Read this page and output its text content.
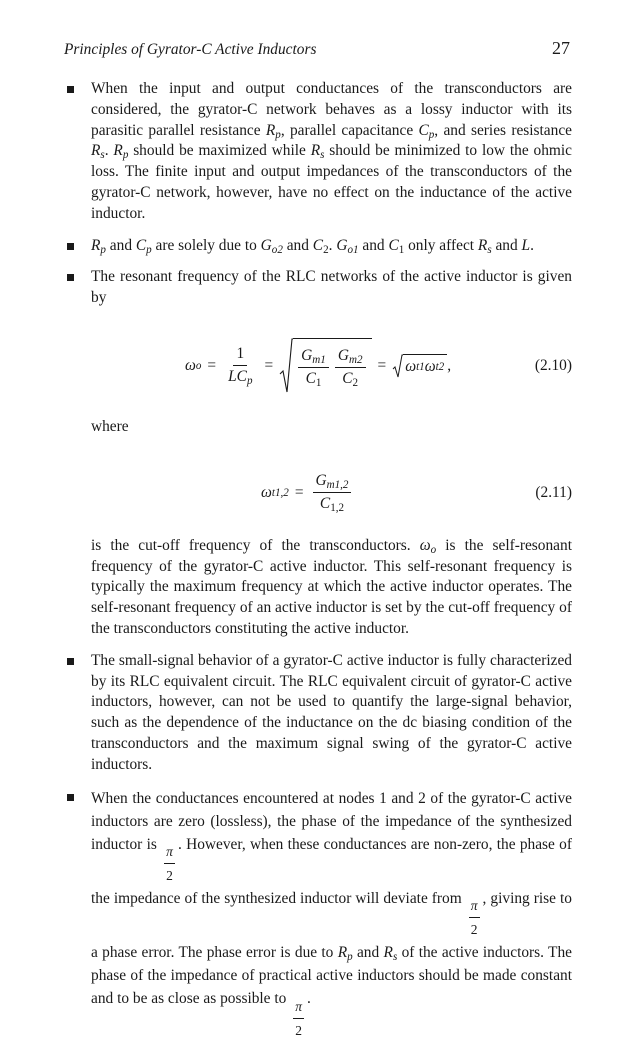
Principles of Gyrator-C Active Inductors	27

When the input and output conductances of the transconductors are considered, the gyrator-C network behaves as a lossy inductor with its parasitic parallel resistance $R_p$, parallel capacitance $C_p$, and series resistance $R_s$. $R_p$ should be maximized while $R_s$ should be minimized to low the ohmic loss. The finite input and output impedances of the transconductors of the gyrator-C network, however, have no effect on the inductance of the active inductor.

$R_p$ and $C_p$ are solely due to $G_{o2}$ and $C_2$. $G_{o1}$ and $C_1$ only affect $R_s$ and L.

The resonant frequency of the RLC networks of the active inductor is given by

ω $o = \frac{1}{LC_p} = \frac{G_{m1}}{C_1} \frac{G_{m2}}{C_2} = \omega$ t1 ω t2 ,	(2.10)
where
ω $t1,2 = \frac{G_{m1,2}}{C_{1,2}}$	(2.11)
is the cut-off frequency of the transconductors. $\omega_o$ is the self-resonant frequency of the gyrator-C active inductor. This self-resonant frequency is typically the maximum frequency at which the active inductor operates. The self-resonant frequency of an active inductor is set by the cut-off frequency of the transconductors constituting the active inductor.

The small-signal behavior of a gyrator-C active inductor is fully characterized by its RLC equivalent circuit. The RLC equivalent circuit of gyrator-C active inductors, however, can not be used to quantify the large-signal behavior, such as the dependence of the inductance on the dc biasing condition of the transconductors and the maximum signal swing of the gyrator-C active inductors.

When the conductances encountered at nodes 1 and 2 of the gyrator-C active inductors are zero (lossless), the phase of the impedance of the synthesized inductor is $\frac{\pi}{2}$ . However, when these conductances are non-zero, the phase of the impedance of the synthesized inductor will deviate from $\frac{\pi}{2}$ , giving rise to a phase error. The phase error is due to $R_p$ and $R_s$ of the active inductors. The phase of the impedance of practical active inductors should be made constant and to be as close as possible to $\frac{\pi}{2}$ .
